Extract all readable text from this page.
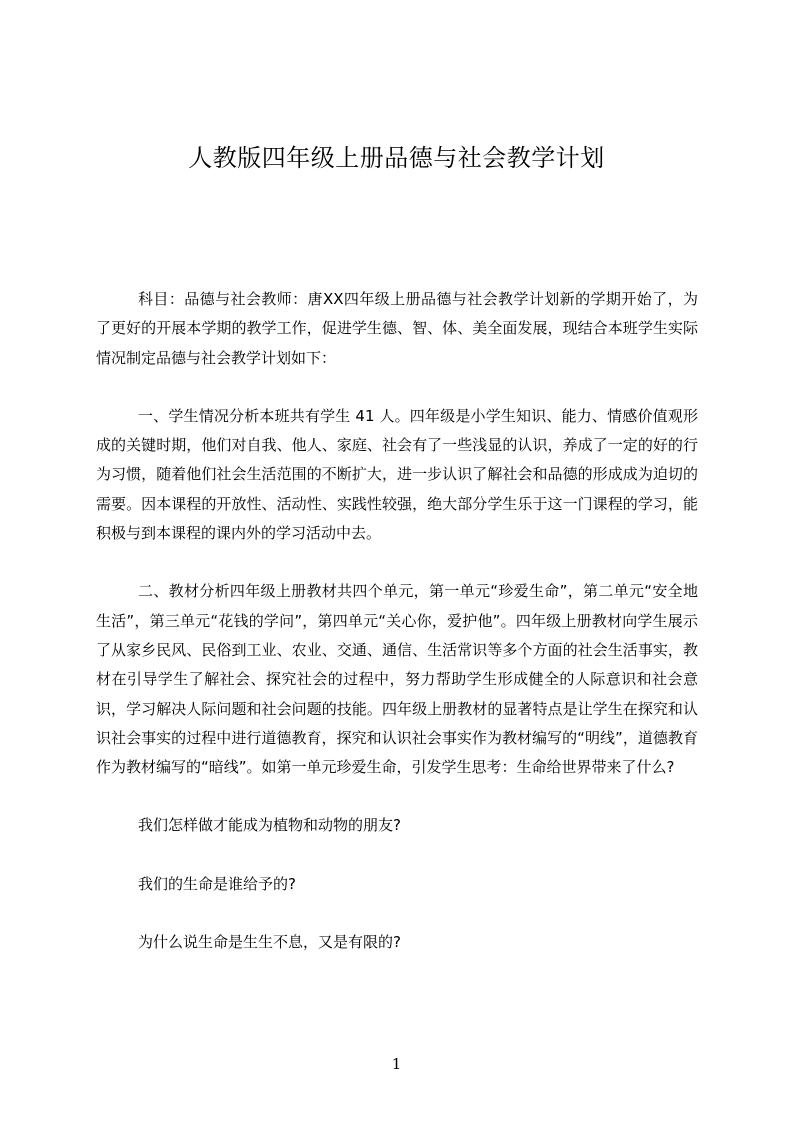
人教版四年级上册品德与社会教学计划

科目：品德与社会教师：唐XX四年级上册品德与社会教学计划新的学期开始了，为了更好的开展本学期的教学工作，促进学生德、智、体、美全面发展，现结合本班学生实际情况制定品德与社会教学计划如下：

一、学生情况分析本班共有学生 41 人。四年级是小学生知识、能力、情感价值观形成的关键时期，他们对自我、他人、家庭、社会有了一些浅显的认识，养成了一定的好的行为习惯，随着他们社会生活范围的不断扩大，进一步认识了解社会和品德的形成成为迫切的需要。因本课程的开放性、活动性、实践性较强，绝大部分学生乐于这一门课程的学习，能积极与到本课程的课内外的学习活动中去。

二、教材分析四年级上册教材共四个单元，第一单元“珍爱生命”，第二单元“安全地生活”，第三单元“花钱的学问”，第四单元“关心你，爱护他”。四年级上册教材向学生展示了从家乡民风、民俗到工业、农业、交通、通信、生活常识等多个方面的社会生活事实，教材在引导学生了解社会、探究社会的过程中，努力帮助学生形成健全的人际意识和社会意识，学习解决人际问题和社会问题的技能。四年级上册教材的显著特点是让学生在探究和认识社会事实的过程中进行道德教育，探究和认识社会事实作为教材编写的“明线”，道德教育作为教材编写的“暗线”。如第一单元珍爱生命，引发学生思考：生命给世界带来了什么?

我们怎样做才能成为植物和动物的朋友?

我们的生命是谁给予的?

为什么说生命是生生不息，又是有限的?

1
